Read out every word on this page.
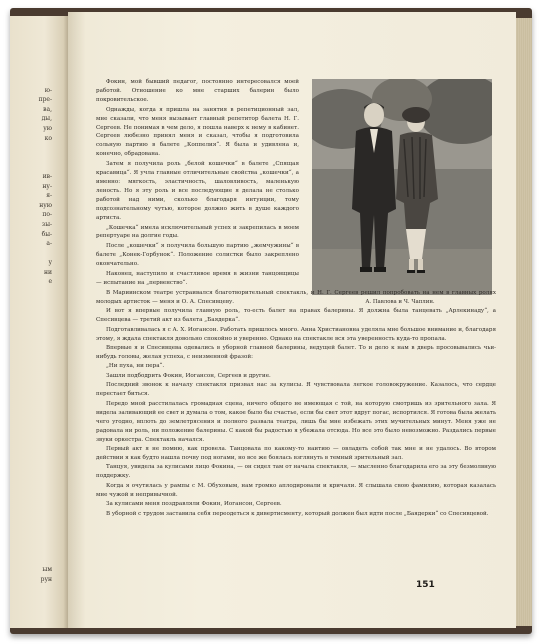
ю-
пре-
ва,
ды,
ую
ко
ив-
ну-
я-
ную
по-
зы-
бы-
а-
у
ни
е
ым
рун
А. Павлова и Ч. Чаплин.
Фокин, мой бывший педагог, постоянно интересовался моей работой. Отношение ко мне старших балерин было покровительское.
Однажды, когда я пришла на занятия в репетиционный зал, мне сказали, что меня вызывает главный репетитор балета Н. Г. Сергеев. Не понимая в чем дело, я пошла наверх к нему в кабинет. Сергеев любезно принял меня и сказал, чтобы я подготовила сольную партию в балете „Коппелия“. Я была и удивлена и, конечно, обрадована.
Затем я получила роль „белой кошечки“ в балете „Спящая красавица“. Я учла главные отличительные свойства „кошечки“, а именно: мягкость, эластичность, шаловливость, маленькую леность. Но я эту роль и все последующие я делала не столько работой над ними, сколько благодаря интуиции, тому подсознательному чутью, которое должно жить в душе каждого артиста.
„Кошечка“ имела исключительный успех и закрепилась в моем репертуаре на долгие годы.
После „кошечки“ я получила большую партию „жемчужины“ в балете „Конек-Горбунок“. Положение солистки было закреплено окончательно.
Наконец, наступило и счастливое время в жизни танцовщицы — испытание на „первенство“.
В Мариинском театре устраивался благотворительный спектакль, и Н. Г. Сергеев решил попробовать на нем в главных ролях молодых артисток — меня и О. А. Спесивцеву.
И вот я впервые получила главную роль, то-есть балет на правах балерины. Я должна была танцевать „Арлекинаду“, а Спесивцева — третий акт из балета „Баядерка“.
Подготавливалась я с А. Х. Иогансон. Работать пришлось много. Анна Христиановна уделяла мне большое внимание и, благодаря этому, я ждала спектакля довольно спокойно и уверенно. Однако на спектакле вся эта уверенность куда-то пропала.
Впервые я и Спесивцева одевались в уборной главной балерины, ведущей балет. То и дело к нам в дверь просовывались чьи-нибудь головы, желая успеха, с неизменной фразой:
„Ни пуха, ни пера“.
Зашли подбодрить Фокин, Иогансон, Сергеев и другие.
Последний звонок к началу спектакля призвал нас за кулисы. Я чувствовала легкое головокружение. Казалось, что сердце перестает биться.
Передо мной расстилалась громадная сцена, ничего общего не имеющая с той, на которую смотришь из зрительного зала. Я видела заливающий ее свет и думала о том, какое было бы счастье, если бы свет этот вдруг погас, испортился. Я готова была желать чего угодно, вплоть до землетрясения и полного развала театра, лишь бы мне избежать этих мучительных минут. Меня уже не радовала ни роль, ни положение балерины. С какой бы радостью я убежала отсюда. Но все это было невозможно. Раздались первые звуки оркестра. Спектакль начался.
Первый акт я не помню, как провела. Танцовала по какому-то наитию — овладеть собой так мне и не удалось. Во втором действии я как будто нашла почву под ногами, но все же боялась взглянуть в темный зрительный зал.
Танцуя, увидела за кулисами лицо Фокина, — он сидел там от начала спектакля, — мысленно благодарила его за эту безмолвную поддержку.
Когда я очутилась у рампы с М. Обуховым, нам громко аплодировали и кричали. Я слышала свою фамилию, которая казалась мне чужой и непривычной.
За кулисами меня поздравляли Фокин, Иогансон, Сергеев.
В уборной с трудом заставила себя переодеться к дивертисменту, который должен был идти после „Баядерки“ со Спесивцевой.
151
